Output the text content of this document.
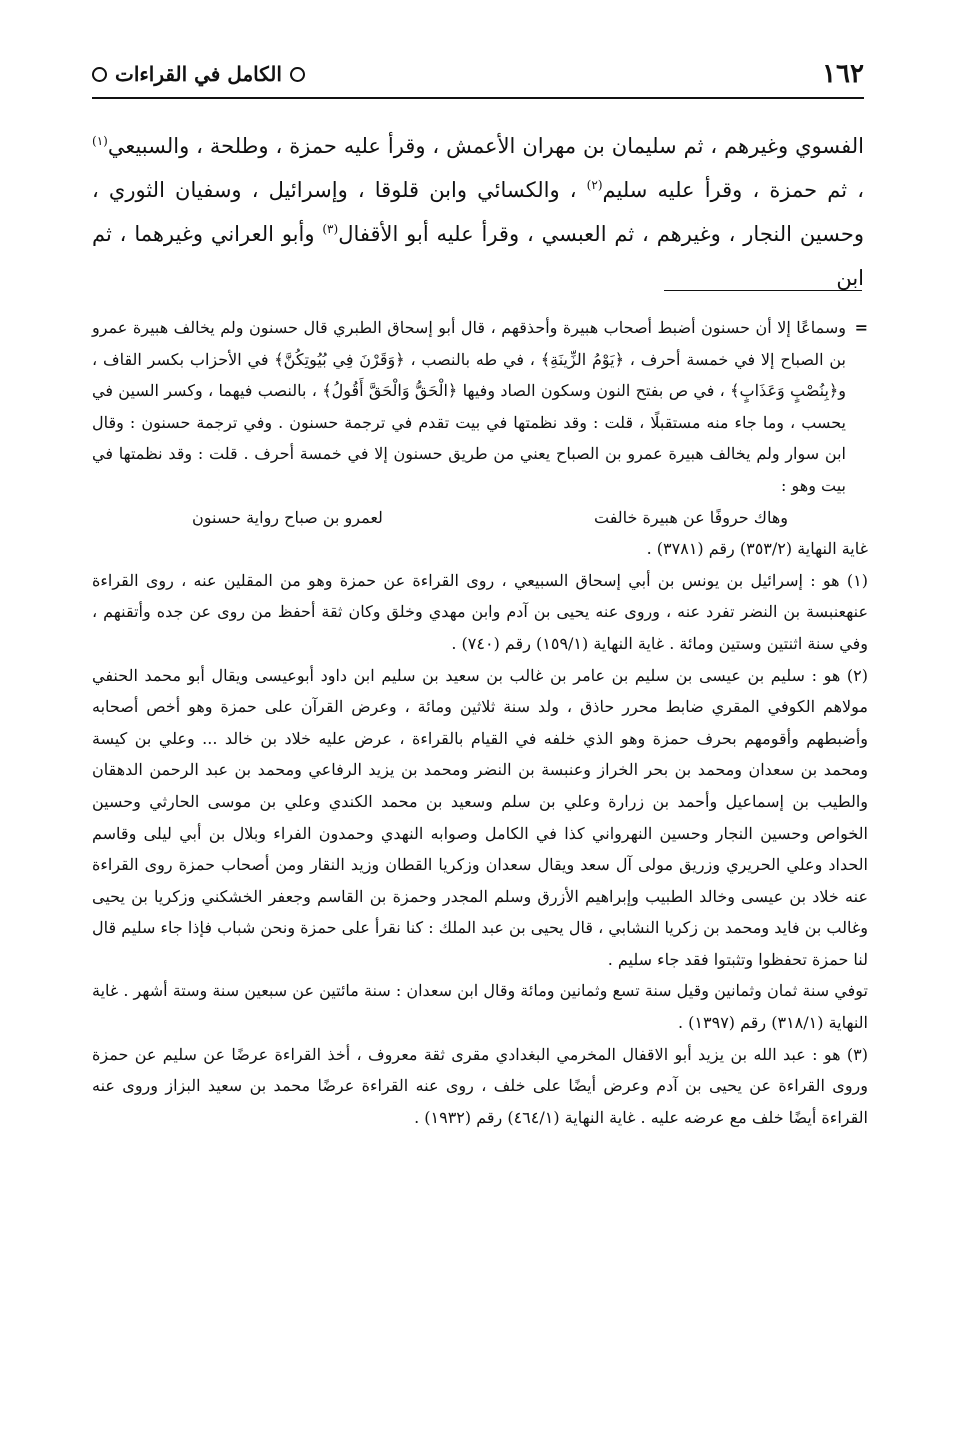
١٦٢
الكامل في القراءات

الفسوي وغيرهم ، ثم سليمان بن مهران الأعمش ، وقرأ عليه حمزة ، وطلحة ، والسبيعي$^{(١)}$ ، ثم حمزة ، وقرأ عليه سليم$^{(٢)}$ ، والكسائي وابن قلوقا ، وإسرائيل ، وسفيان الثوري ، وحسين النجار ، وغيرهم ، ثم العبسي ، وقرأ عليه أبو الأقفال$^{(٣)}$ وأبو العراني وغيرهما ، ثم ابن

=
وسماعًا إلا أن حسنون أضبط أصحاب هبيرة وأحذقهم ، قال أبو إسحاق الطبري قال حسنون ولم يخالف هبيرة عمرو بن الصباح إلا في خمسة أحرف ، ﴿يَوْمُ الزِّينَةِ﴾ ، في طه بالنصب ، ﴿وَقَرْنَ فِي بُيُوتِكُنَّ﴾ في الأحزاب بكسر القاف ، و﴿بِنُصْبٍ وَعَذَابٍ﴾ ، في ص بفتح النون وسكون الصاد وفيها ﴿الْحَقُّ وَالْحَقَّ أَقُولُ﴾ ، بالنصب فيهما ، وكسر السين في يحسب ، وما جاء منه مستقبلًا ، قلت : وقد نظمتها في بيت تقدم في ترجمة حسنون . وفي ترجمة حسنون : وقال ابن سوار ولم يخالف هبيرة عمرو بن الصباح يعني من طريق حسنون إلا في خمسة أحرف . قلت : وقد نظمتها في بيت وهو :
وهاك حروفًا عن هبيرة خالفت
لعمرو بن صباح رواية حسنون

غاية النهاية (٣٥٣/٢) رقم (٣٧٨١) .

(١) هو : إسرائيل بن يونس بن أبي إسحاق السبيعي ، روى القراءة عن حمزة وهو من المقلين عنه ، روى القراءة عنهعنبسة بن النضر تفرد عنه ، وروى عنه يحيى بن آدم وابن مهدي وخلق وكان ثقة أحفظ من روى عن جده وأتقنهم ، وفي سنة اثنتين وستين ومائة . غاية النهاية (١٥٩/١) رقم (٧٤٠) .

(٢) هو : سليم بن عيسى بن سليم بن عامر بن غالب بن سعيد بن سليم ابن داود أبوعيسى ويقال أبو محمد الحنفي مولاهم الكوفي المقري ضابط محرر حاذق ، ولد سنة ثلاثين ومائة ، وعرض القرآن على حمزة وهو أخص أصحابه وأضبطهم وأقومهم بحرف حمزة وهو الذي خلفه في القيام بالقراءة ، عرض عليه خلاد بن خالد ... وعلي بن كيسة ومحمد بن سعدان ومحمد بن بحر الخراز وعنبسة بن النضر ومحمد بن يزيد الرفاعي ومحمد بن عبد الرحمن الدهقان والطيب بن إسماعيل وأحمد بن زرارة وعلي بن سلم وسعيد بن محمد الكندي وعلي بن موسى الحارثي وحسين الخواص وحسين النجار وحسين النهرواني كذا في الكامل وصوابه النهدي وحمدون الفراء وبلال بن أبي ليلى وقاسم الحداد وعلي الحريري وزريق مولى آل سعد ويقال سعدان وزكريا القطان وزيد النقار ومن أصحاب حمزة روى القراءة عنه خلاد بن عيسى وخالد الطبيب وإبراهيم الأزرق وسلم المجدر وحمزة بن القاسم وجعفر الخشكني وزكريا بن يحيى وغالب بن فايد ومحمد بن زكريا النشابي ، قال يحيى بن عبد الملك : كنا نقرأ على حمزة ونحن شباب فإذا جاء سليم قال لنا حمزة تحفظوا وتثبتوا فقد جاء سليم .

توفي سنة ثمان وثمانين وقيل سنة تسع وثمانين ومائة وقال ابن سعدان : سنة مائتين عن سبعين سنة وستة أشهر . غاية النهاية (٣١٨/١) رقم (١٣٩٧) .

(٣) هو : عبد الله بن يزيد أبو الاقفال المخرمي البغدادي مقرى ثقة معروف ، أخذ القراءة عرضًا عن سليم عن حمزة وروى القراءة عن يحيى بن آدم وعرض أيضًا على خلف ، روى عنه القراءة عرضًا محمد بن سعيد البزاز وروى عنه القراءة أيضًا خلف مع عرضه عليه . غاية النهاية (٤٦٤/١) رقم (١٩٣٢) .
